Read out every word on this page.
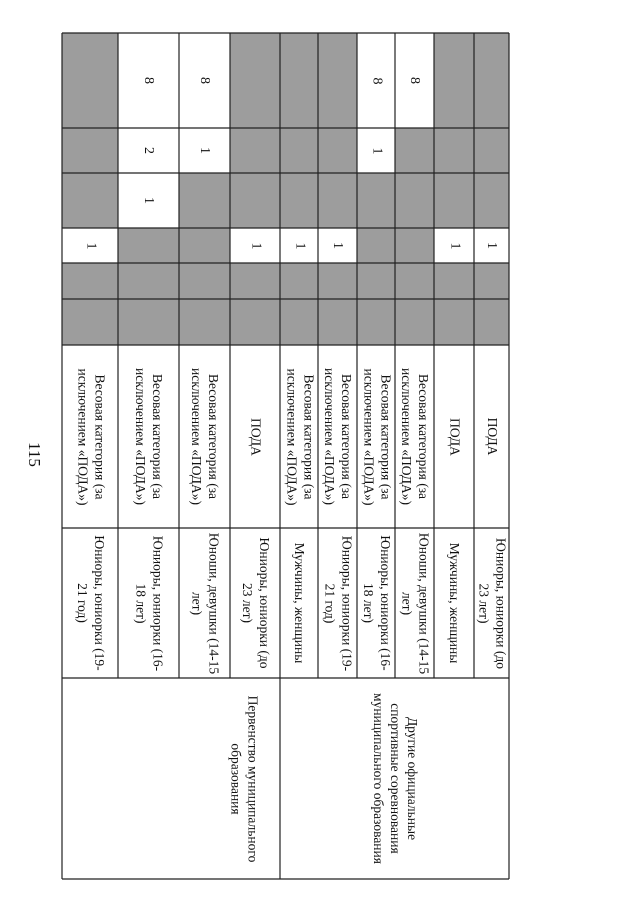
115	Весовая категория (за исключением «ПОДА»)
Юниоры, юниорки (19-21 год)
1
Весовая категория (за исключением «ПОДА»)
Юниоры, юниорки (16-18 лет)
8
2
1
Весовая категория (за исключением «ПОДА»)
Юноши, девушки (14-15 лет)
8
1
ПОДА
Юниоры, юниорки (до 23 лет)
1
Весовая категория (за исключением «ПОДА»)
Мужчины, женщины
1
Весовая категория (за исключением «ПОДА»)
Юниоры, юниорки (19-21 год)
1
Весовая категория (за исключением «ПОДА»)
Юниоры, юниорки (16-18 лет)
8
1
Весовая категория (за исключением «ПОДА»)
Юноши, девушки (14-15 лет)
8
ПОДА
Мужчины, женщины
1
ПОДА
Юниоры, юниорки (до 23 лет)
1
Первенство муниципального образования	Другие официальные спортивные соревнования муниципального образования
